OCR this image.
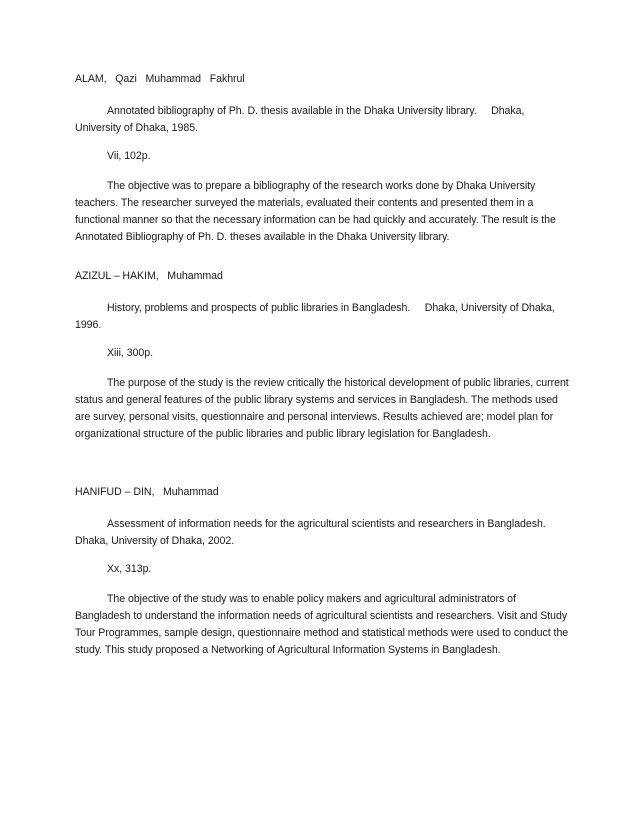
ALAM,   Qazi   Muhammad   Fakhrul

Annotated bibliography of Ph. D. thesis available in the Dhaka University library.     Dhaka, University of Dhaka, 1985.

Vii, 102p.

The objective was to prepare a bibliography of the research works done by Dhaka University teachers. The researcher surveyed the materials, evaluated their contents and presented them in a functional manner so that the necessary information can be had quickly and accurately. The result is the Annotated Bibliography of Ph. D. theses available in the Dhaka University library.

AZIZUL – HAKIM,   Muhammad

History, problems and prospects of public libraries in Bangladesh.     Dhaka, University of Dhaka, 1996.

Xiii, 300p.

The purpose of the study is the review critically the historical development of public libraries, current status and general features of the public library systems and services in Bangladesh. The methods used are survey, personal visits, questionnaire and personal interviews. Results achieved are; model plan for organizational structure of the public libraries and public library legislation for Bangladesh.

HANIFUD – DIN,   Muhammad

Assessment of information needs for the agricultural scientists and researchers in Bangladesh.   Dhaka, University of Dhaka, 2002.

Xx, 313p.

The objective of the study was to enable policy makers and agricultural administrators of Bangladesh to understand the information needs of agricultural scientists and researchers. Visit and Study Tour Programmes, sample design, questionnaire method and statistical methods were used to conduct the study. This study proposed a Networking of Agricultural Information Systems in Bangladesh.
